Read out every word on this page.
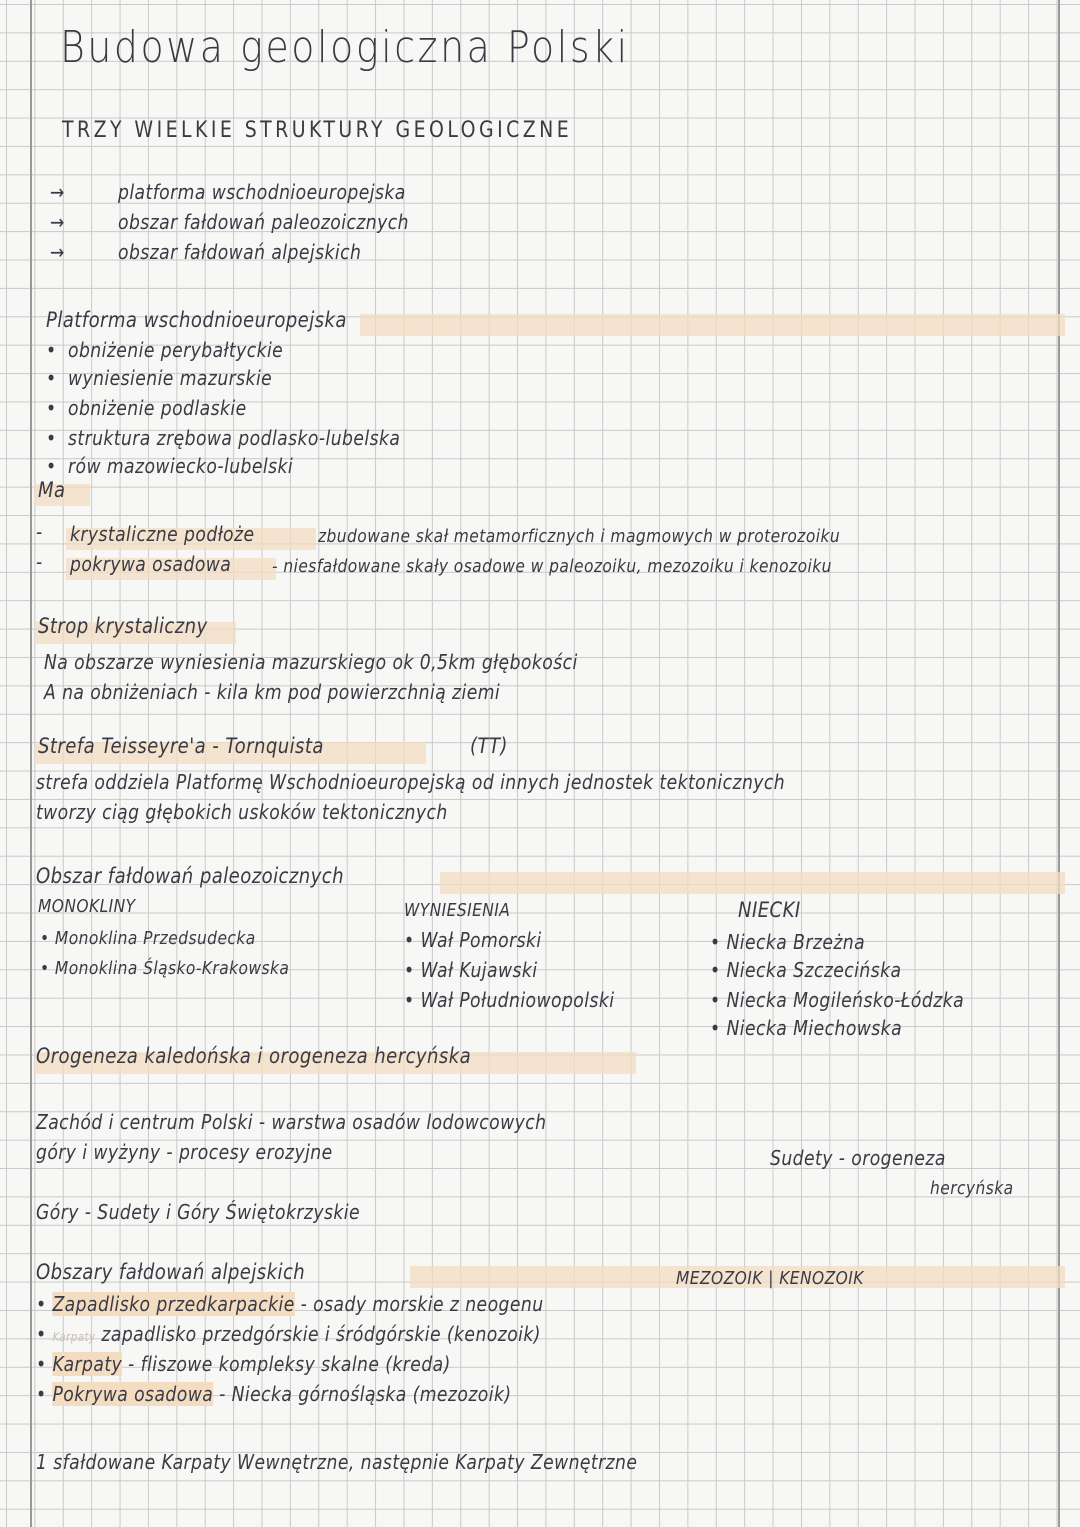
Budowa geologiczna Polski
TRZY WIELKIE STRUKTURY GEOLOGICZNE
→	platforma wschodnioeuropejska
→	obszar fałdowań paleozoicznych
→	obszar fałdowań alpejskich
Platforma wschodnioeuropejska
• obniżenie perybałtyckie
• wyniesienie mazurskie
• obniżenie podlaskie
• struktura zrębowa podlasko-lubelska
• rów mazowiecko-lubelski
Ma
- krystaliczne podłoże	zbudowane skał metamorficznych i magmowych w proterozoiku
- pokrywa osadowa - niesfałdowane skały osadowe w paleozoiku, mezozoiku i kenozoiku
Strop krystaliczny
Na obszarze wyniesienia mazurskiego ok 0,5km głębokości
A na obniżeniach - kila km pod powierzchnią ziemi
Strefa Teisseyre'a - Tornquista	(TT)
strefa oddziela Platformę Wschodnioeuropejską od innych jednostek tektonicznych
tworzy ciąg głębokich uskoków tektonicznych
Obszar fałdowań paleozoicznych
MONOKLINY
• Monoklina Przedsudecka
• Monoklina Śląsko-Krakowska
WYNIESIENIA
• Wał Pomorski
• Wał Kujawski
• Wał Południowopolski
NIECKI
• Niecka Brzeżna
• Niecka Szczecińska
• Niecka Mogileńsko-Łódzka
• Niecka Miechowska
Orogeneza kaledońska i orogeneza hercyńska
Zachód i centrum Polski - warstwa osadów lodowcowych
góry i wyżyny - procesy erozyjne
Góry - Sudety i Góry Świętokrzyskie
Sudety - orogeneza
hercyńska
Obszary fałdowań alpejskich	MEZOZOIK | KENOZOIK
• Zapadlisko przedkarpackie - osady morskie z neogenu
• Karpaty zapadlisko przedgórskie i śródgórskie (kenozoik)
• Karpaty - fliszowe kompleksy skalne (kreda)
• Pokrywa osadowa - Niecka górnośląska (mezozoik)
1 sfałdowane Karpaty Wewnętrzne, następnie Karpaty Zewnętrzne
